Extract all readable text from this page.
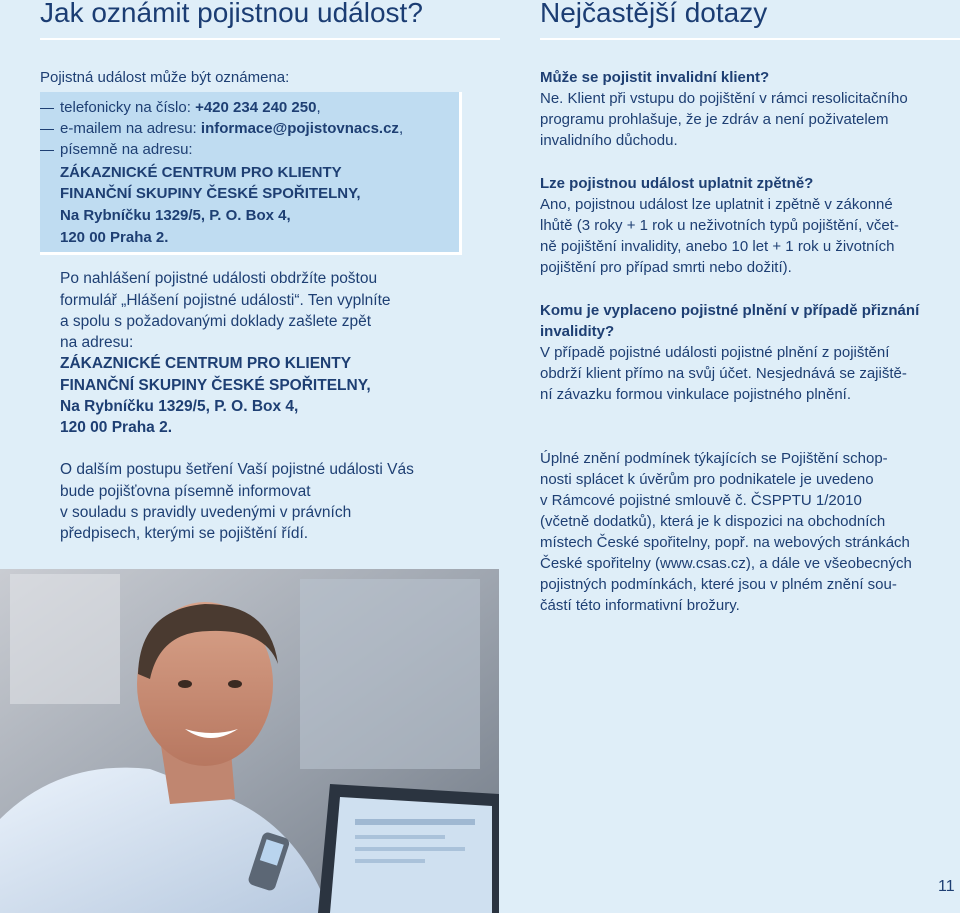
Jak oznámit pojistnou událost?	Nejčastější dotazy
Pojistná událost může být oznámena:
telefonicky na číslo: +420 234 240 250,
e-mailem na adresu: informace@pojistovnacs.cz,
písemně na adresu:
ZÁKAZNICKÉ CENTRUM PRO KLIENTY
FINANČNÍ SKUPINY ČESKÉ SPOŘITELNY,
Na Rybníčku 1329/5, P. O. Box 4,
120 00 Praha 2.
Po nahlášení pojistné události obdržíte poštou
formulář „Hlášení pojistné události“. Ten vyplníte
a spolu s požadovanými doklady zašlete zpět
na adresu:
ZÁKAZNICKÉ CENTRUM PRO KLIENTY
FINANČNÍ SKUPINY ČESKÉ SPOŘITELNY,
Na Rybníčku 1329/5, P. O. Box 4,
120 00 Praha 2.
O dalším postupu šetření Vaší pojistné události Vás
bude pojišťovna písemně informovat
v souladu s pravidly uvedenými v právních
předpisech, kterými se pojištění řídí.
Může se pojistit invalidní klient?
Ne. Klient při vstupu do pojištění v rámci resolicitačního
programu prohlašuje, že je zdráv a není poživatelem
invalidního důchodu.
Lze pojistnou událost uplatnit zpětně?
Ano, pojistnou událost lze uplatnit i zpětně v zákonné
lhůtě (3 roky + 1 rok u neživotních typů pojištění, včet-
ně pojištění invalidity, anebo 10 let + 1 rok u životních
pojištění pro případ smrti nebo dožití).
Komu je vyplaceno pojistné plnění v případě přiznání
invalidity?
V případě pojistné události pojistné plnění z pojištění
obdrží klient přímo na svůj účet. Nesjednává se zajiště-
ní závazku formou vinkulace pojistného plnění.
Úplné znění podmínek týkajících se Pojištění schop-
nosti splácet k úvěrům pro podnikatele je uvedeno
v Rámcové pojistné smlouvě č. ČSPPTU 1/2010
(včetně dodatků), která je k dispozici na obchodních
místech České spořitelny, popř. na webových stránkách
České spořitelny (www.csas.cz), a dále ve všeobecných
pojistných podmínkách, které jsou v plném znění sou-
částí této informativní brožury.
11
